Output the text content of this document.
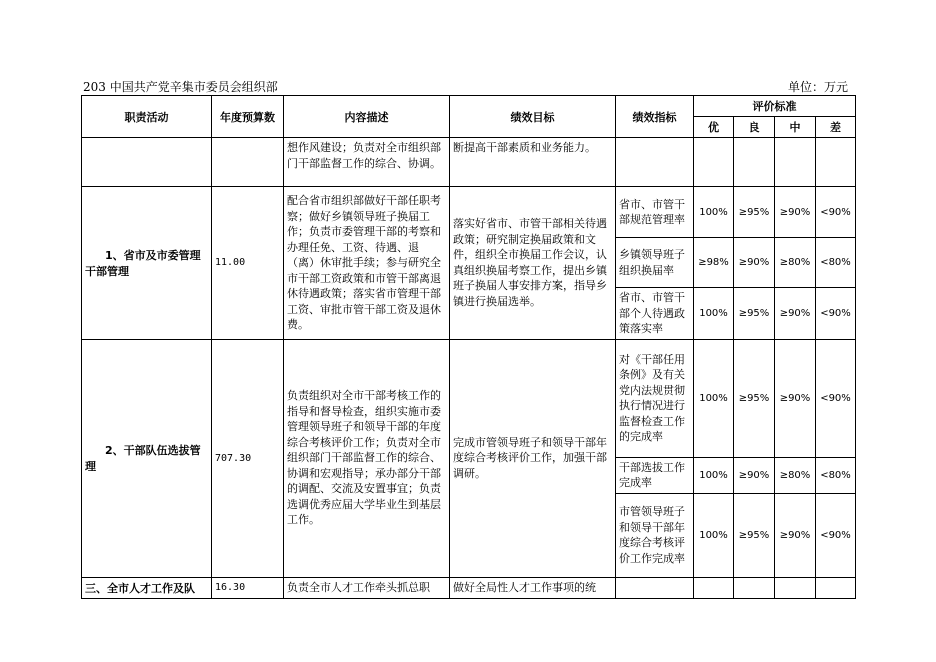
203 中国共产党辛集市委员会组织部	单位：万元
职责活动	年度预算数	内容描述	绩效目标	绩效指标	评价标准			
					优	良	中	差
		想作风建设；负责对全市组织部门干部监督工作的综合、协调。	断提高干部素质和业务能力。					
1、省市及市委管理干部管理	11.00	配合省市组织部做好干部任职考察；做好乡镇领导班子换届工作；负责市委管理干部的考察和办理任免、工资、待遇、退（离）休审批手续；参与研究全市干部工资政策和市管干部离退休待遇政策；落实省市管理干部工资、审批市管干部工资及退休费。	落实好省市、市管干部相关待遇政策；研究制定换届政策和文件，组织全市换届工作会议，认真组织换届考察工作，提出乡镇班子换届人事安排方案，指导乡镇进行换届选举。	省市、市管干部规范管理率	100%	≥95%	≥90%	<90%
				乡镇领导班子组织换届率	≥98%	≥90%	≥80%	<80%
				省市、市管干部个人待遇政策落实率	100%	≥95%	≥90%	<90%
2、干部队伍选拔管理	707.30	负责组织对全市干部考核工作的指导和督导检查，组织实施市委管理领导班子和领导干部的年度综合考核评价工作；负责对全市组织部门干部监督工作的综合、协调和宏观指导；承办部分干部的调配、交流及安置事宜；负责选调优秀应届大学毕业生到基层工作。	完成市管领导班子和领导干部年度综合考核评价工作，加强干部调研。	对《干部任用条例》及有关党内法规贯彻执行情况进行监督检查工作的完成率	100%	≥95%	≥90%	<90%
				干部选拔工作完成率	100%	≥90%	≥80%	<80%
				市管领导班子和领导干部年度综合考核评价工作完成率	100%	≥95%	≥90%	<90%
三、全市人才工作及队	16.30	负责全市人才工作牵头抓总职	做好全局性人才工作事项的统					
